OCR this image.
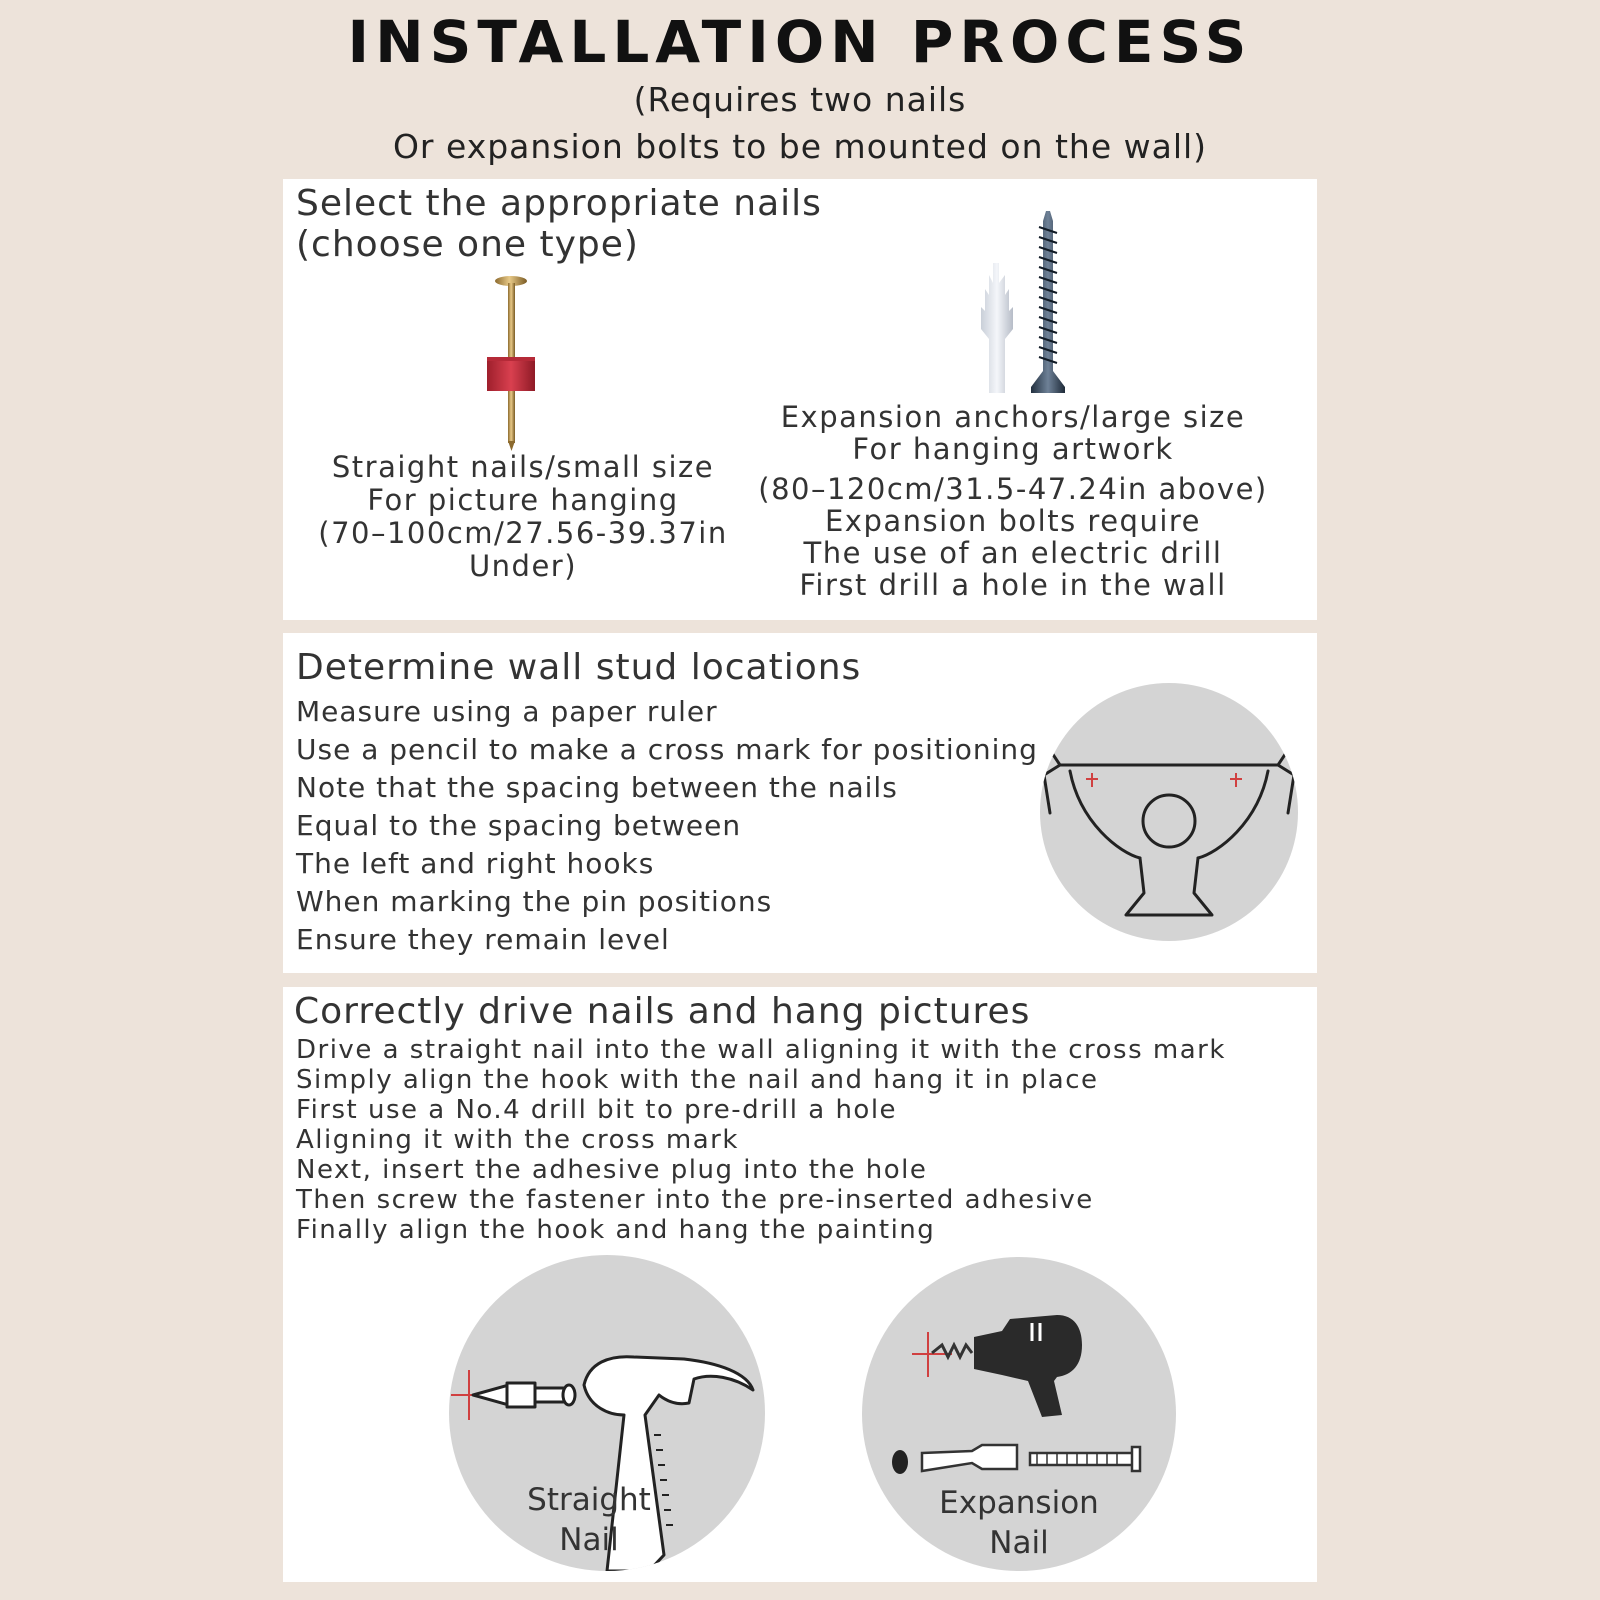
INSTALLATION PROCESS
(Requires two nails
Or expansion bolts to be mounted on the wall)
Select the appropriate nails
(choose one type)
Straight nails/small size
For picture hanging
(70–100cm/27.56-39.37in
Under)
Expansion anchors/large size
For hanging artwork
(80–120cm/31.5-47.24in above)
Expansion bolts require
The use of an electric drill
First drill a hole in the wall
Determine wall stud locations
Measure using a paper ruler
Use a pencil to make a cross mark for positioning
Note that the spacing between the nails
Equal to the spacing between
The left and right hooks
When marking the pin positions
Ensure they remain level
Correctly drive nails and hang pictures
Drive a straight nail into the wall aligning it with the cross mark
Simply align the hook with the nail and hang it in place
First use a No.4 drill bit to pre-drill a hole
Aligning it with the cross mark
Next, insert the adhesive plug into the hole
Then screw the fastener into the pre-inserted adhesive
Finally align the hook and hang the painting
Straight
Nail
Expansion
Nail
